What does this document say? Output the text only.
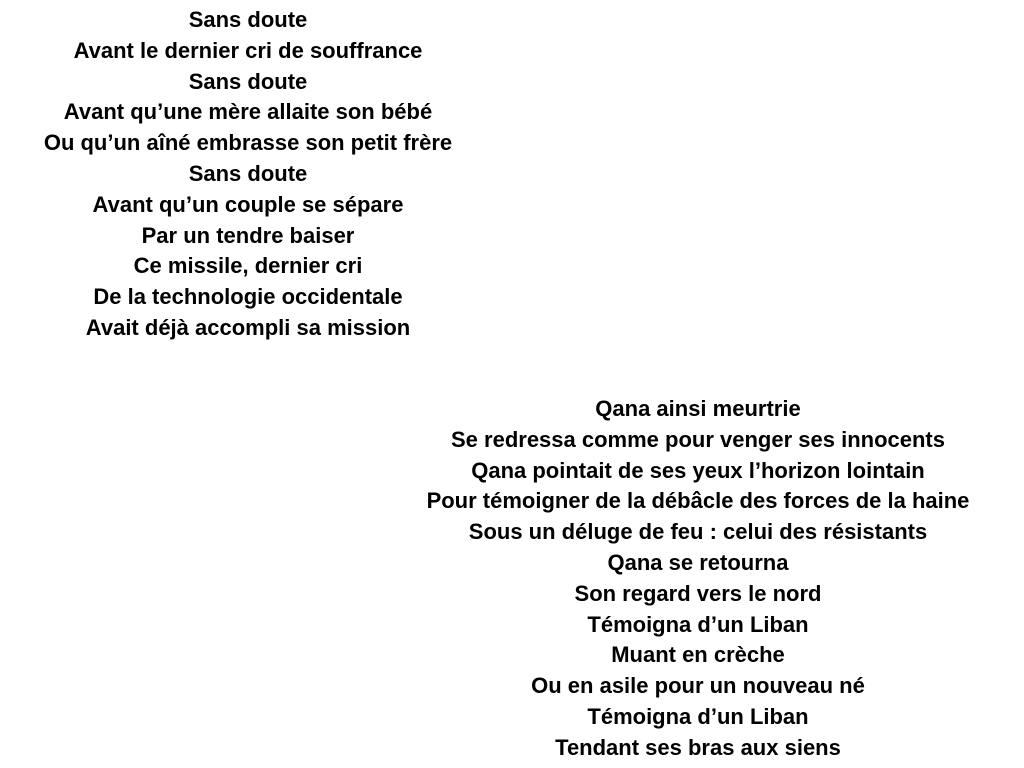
Sans doute
Avant le dernier cri de souffrance
Sans doute
Avant qu’une mère allaite son bébé
Ou qu’un aîné embrasse son petit frère
Sans doute
Avant qu’un couple se sépare
Par un tendre baiser
Ce missile, dernier cri
De la technologie occidentale
Avait déjà accompli sa mission
Qana ainsi meurtrie
Se redressa comme pour venger ses innocents
Qana pointait de ses yeux l’horizon lointain
Pour témoigner de la débâcle des forces de la haine
Sous un déluge de feu : celui des résistants
Qana se retourna
Son regard vers le nord
Témoigna d’un Liban
Muant en crèche
Ou en asile pour un nouveau né
Témoigna d’un Liban
Tendant ses bras aux siens
